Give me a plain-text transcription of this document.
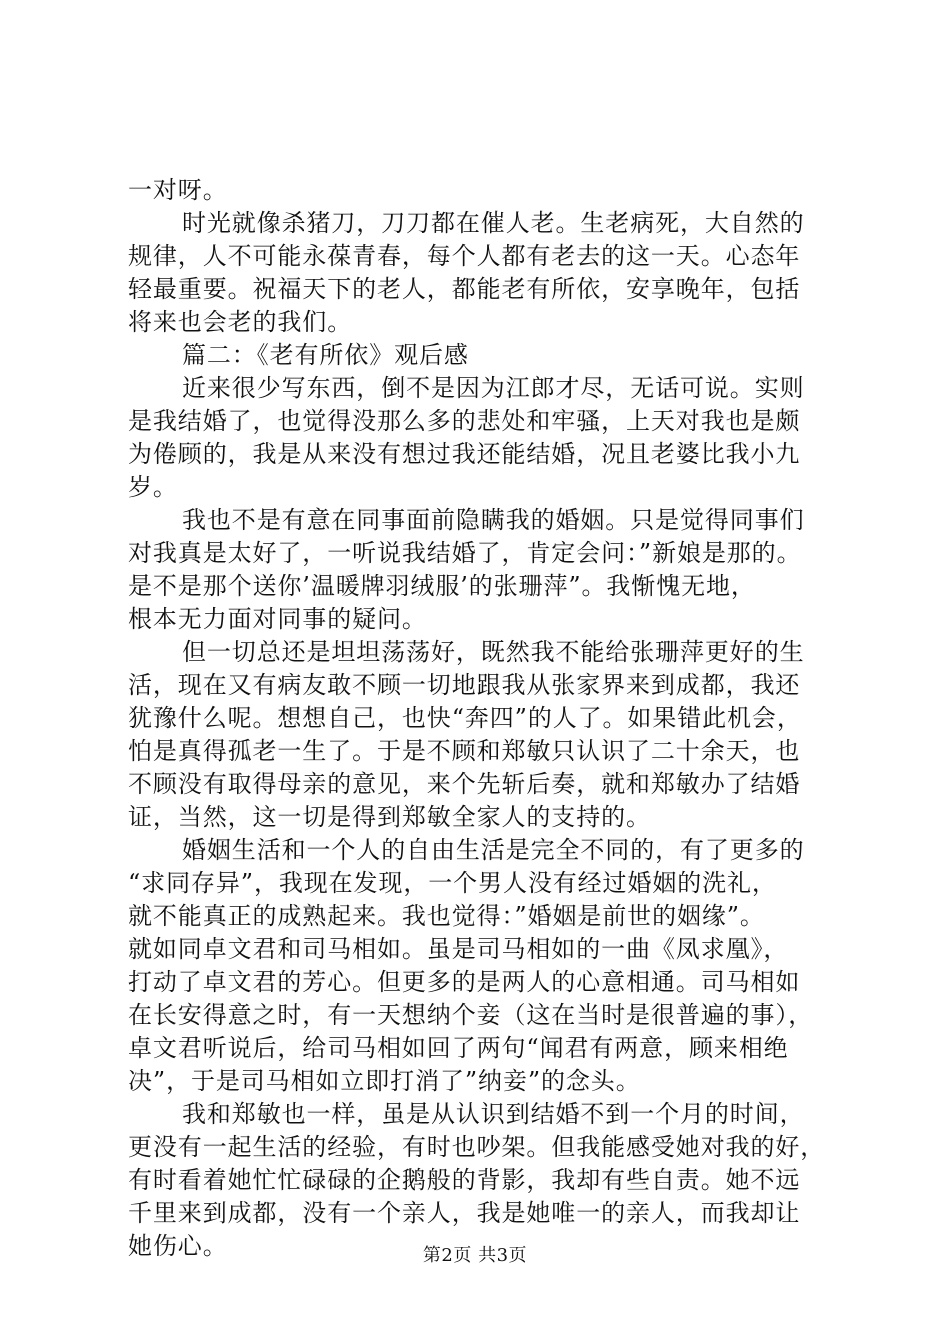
一对呀。
时光就像杀猪刀，刀刀都在催人老。生老病死，大自然的
规律，人不可能永葆青春，每个人都有老去的这一天。心态年
轻最重要。祝福天下的老人，都能老有所依，安享晚年，包括
将来也会老的我们。
篇二：《老有所依》观后感
近来很少写东西，倒不是因为江郎才尽，无话可说。实则
是我结婚了，也觉得没那么多的悲处和牢骚，上天对我也是颇
为倦顾的，我是从来没有想过我还能结婚，况且老婆比我小九
岁。
我也不是有意在同事面前隐瞒我的婚姻。只是觉得同事们
对我真是太好了，一听说我结婚了，肯定会问：”新娘是那的。
是不是那个送你’温暖牌羽绒服’的张珊萍”。我惭愧无地，
根本无力面对同事的疑问。
但一切总还是坦坦荡荡好，既然我不能给张珊萍更好的生
活，现在又有病友敢不顾一切地跟我从张家界来到成都，我还
犹豫什么呢。想想自己，也快“奔四”的人了。如果错此机会，
怕是真得孤老一生了。于是不顾和郑敏只认识了二十余天，也
不顾没有取得母亲的意见，来个先斩后奏，就和郑敏办了结婚
证，当然，这一切是得到郑敏全家人的支持的。
婚姻生活和一个人的自由生活是完全不同的，有了更多的
“求同存异”，我现在发现，一个男人没有经过婚姻的洗礼，
就不能真正的成熟起来。我也觉得：”婚姻是前世的姻缘”。
就如同卓文君和司马相如。虽是司马相如的一曲《凤求凰》，
打动了卓文君的芳心。但更多的是两人的心意相通。司马相如
在长安得意之时，有一天想纳个妾（这在当时是很普遍的事），
卓文君听说后，给司马相如回了两句“闻君有两意，顾来相绝
决”，于是司马相如立即打消了”纳妾”的念头。
我和郑敏也一样，虽是从认识到结婚不到一个月的时间，
更没有一起生活的经验，有时也吵架。但我能感受她对我的好，
有时看着她忙忙碌碌的企鹅般的背影，我却有些自责。她不远
千里来到成都，没有一个亲人，我是她唯一的亲人，而我却让
她伤心。	第2页 共3页
